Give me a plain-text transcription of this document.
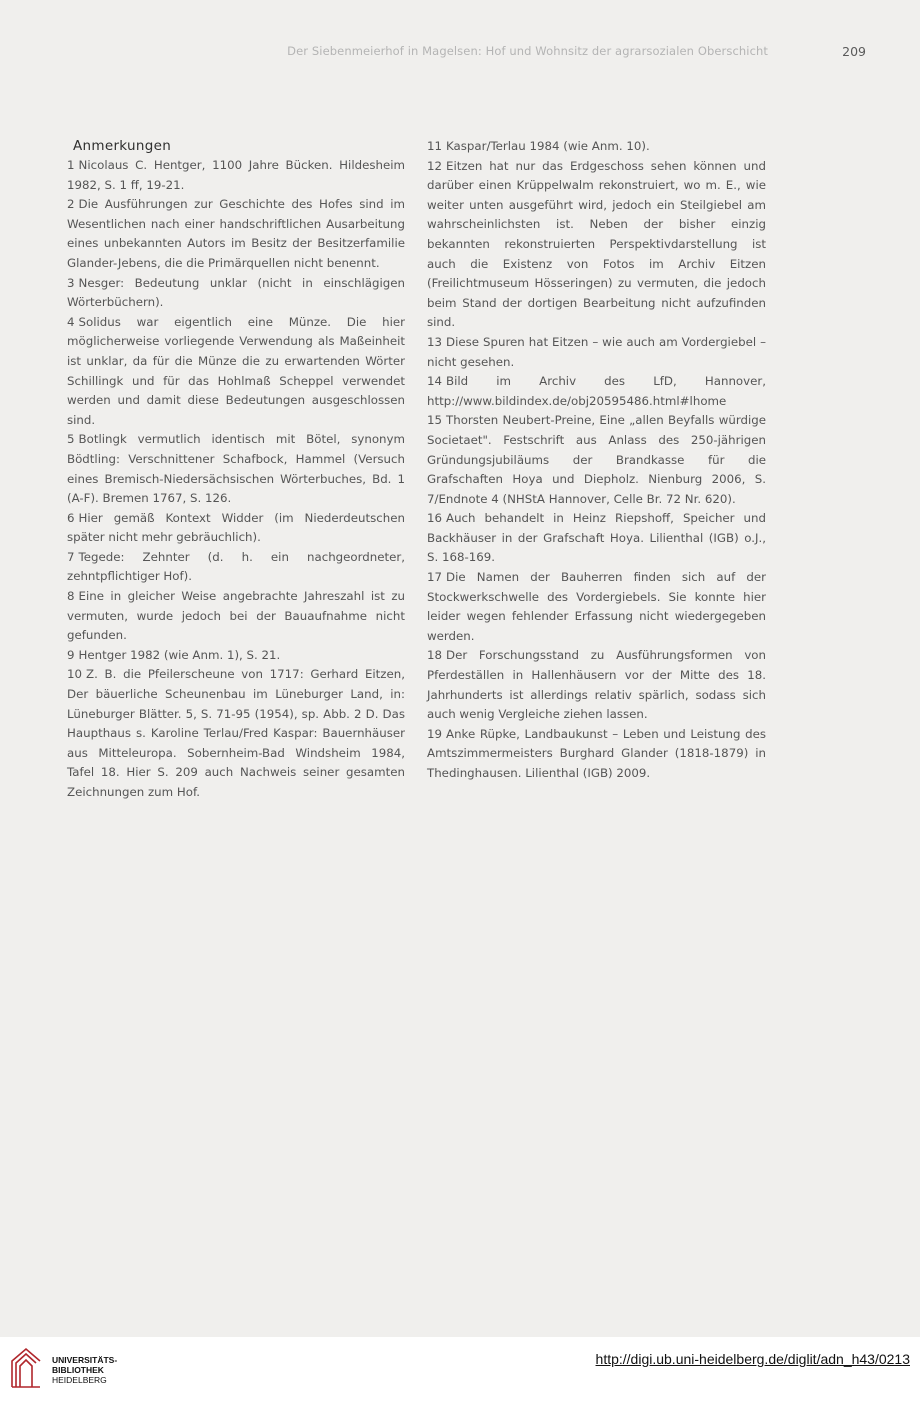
Der Siebenmeierhof in Magelsen: Hof und Wohnsitz der agrarsozialen Oberschicht	209
Anmerkungen

1 Nicolaus C. Hentger, 1100 Jahre Bücken. Hildesheim 1982, S. 1 ff, 19-21.

2 Die Ausführungen zur Geschichte des Hofes sind im Wesentlichen nach einer handschriftlichen Ausarbeitung eines unbekannten Autors im Besitz der Besitzerfamilie Glander-Jebens, die die Primärquellen nicht benennt.

3 Nesger: Bedeutung unklar (nicht in einschlägigen Wörterbüchern).

4 Solidus war eigentlich eine Münze. Die hier möglicherweise vorliegende Verwendung als Maßeinheit ist unklar, da für die Münze die zu erwartenden Wörter Schillingk und für das Hohlmaß Scheppel verwendet werden und damit diese Bedeutungen ausgeschlossen sind.

5 Botlingk vermutlich identisch mit Bötel, synonym Bödtling: Verschnittener Schafbock, Hammel (Versuch eines Bremisch-Niedersächsischen Wörterbuches, Bd. 1 (A-F). Bremen 1767, S. 126.

6 Hier gemäß Kontext Widder (im Niederdeutschen später nicht mehr gebräuchlich).

7 Tegede: Zehnter (d. h. ein nachgeordneter, zehntpflichtiger Hof).

8 Eine in gleicher Weise angebrachte Jahreszahl ist zu vermuten, wurde jedoch bei der Bauaufnahme nicht gefunden.

9 Hentger 1982 (wie Anm. 1), S. 21.

10 Z. B. die Pfeilerscheune von 1717: Gerhard Eitzen, Der bäuerliche Scheunenbau im Lüneburger Land, in: Lüneburger Blätter. 5, S. 71-95 (1954), sp. Abb. 2 D. Das Haupthaus s. Karoline Terlau/Fred Kaspar: Bauernhäuser aus Mitteleuropa. Sobernheim-Bad Windsheim 1984, Tafel 18. Hier S. 209 auch Nachweis seiner gesamten Zeichnungen zum Hof.

11 Kaspar/Terlau 1984 (wie Anm. 10).

12 Eitzen hat nur das Erdgeschoss sehen können und darüber einen Krüppelwalm rekonstruiert, wo m. E., wie weiter unten ausgeführt wird, jedoch ein Steilgiebel am wahrscheinlichsten ist. Neben der bisher einzig bekannten rekonstruierten Perspektivdarstellung ist auch die Existenz von Fotos im Archiv Eitzen (Freilichtmuseum Hösseringen) zu vermuten, die jedoch beim Stand der dortigen Bearbeitung nicht aufzufinden sind.

13 Diese Spuren hat Eitzen – wie auch am Vordergiebel – nicht gesehen.

14 Bild im Archiv des LfD, Hannover, http://www.bildindex.de/obj20595486.html#lhome

15 Thorsten Neubert-Preine, Eine „allen Beyfalls würdige Societaet". Festschrift aus Anlass des 250-jährigen Gründungsjubiläums der Brandkasse für die Grafschaften Hoya und Diepholz. Nienburg 2006, S. 7/Endnote 4 (NHStA Hannover, Celle Br. 72 Nr. 620).

16 Auch behandelt in Heinz Riepshoff, Speicher und Backhäuser in der Grafschaft Hoya. Lilienthal (IGB) o.J., S. 168-169.

17 Die Namen der Bauherren finden sich auf der Stockwerkschwelle des Vordergiebels. Sie konnte hier leider wegen fehlender Erfassung nicht wiedergegeben werden.

18 Der Forschungsstand zu Ausführungsformen von Pferdeställen in Hallenhäusern vor der Mitte des 18. Jahrhunderts ist allerdings relativ spärlich, sodass sich auch wenig Vergleiche ziehen lassen.

19 Anke Rüpke, Landbaukunst – Leben und Leistung des Amtszimmermeisters Burghard Glander (1818-1879) in Thedinghausen. Lilienthal (IGB) 2009.

UNIVERSITÄTS-
BIBLIOTHEK
HEIDELBERG
http://digi.ub.uni-heidelberg.de/diglit/adn_h43/0213
